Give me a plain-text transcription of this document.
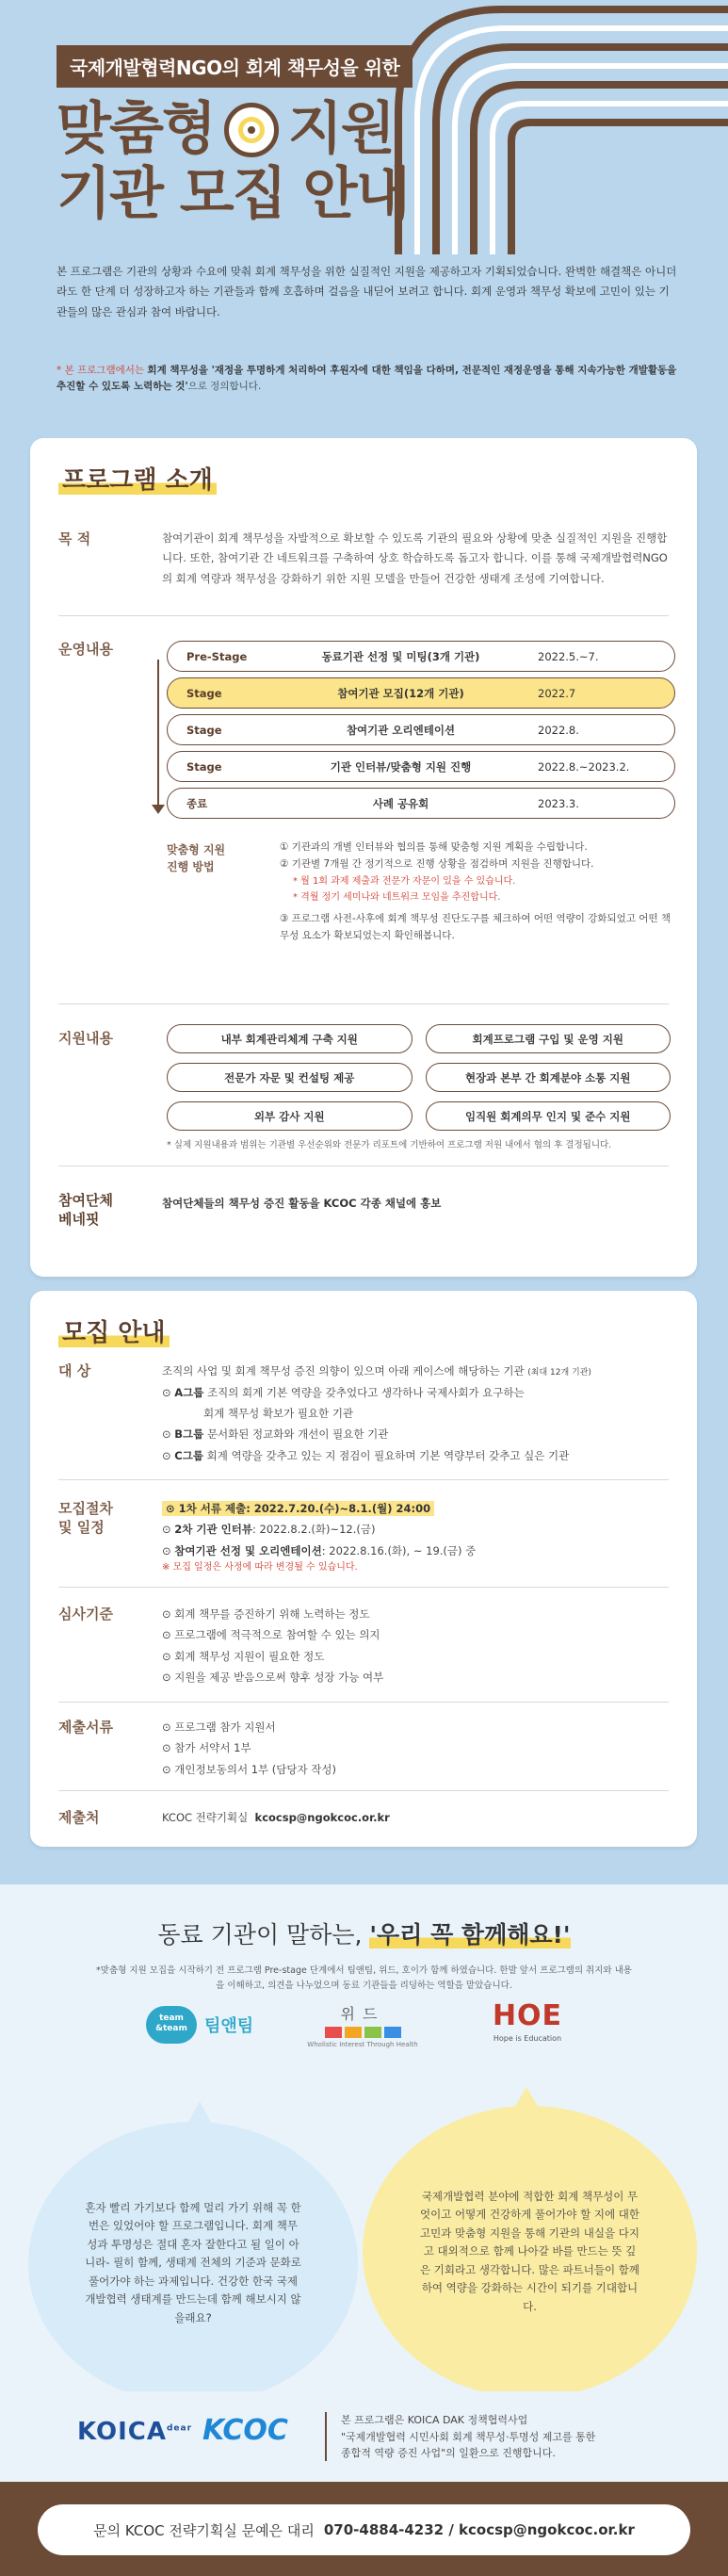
국제개발협력NGO의 회계 책무성을 위한
맞춤형 지원
기관 모집 안내

본 프로그램은 기관의 상황과 수요에 맞춰 회계 책무성을 위한 실질적인 지원을 제공하고자 기획되었습니다. 완벽한 해결책은 아니더라도 한 단계 더 성장하고자 하는 기관들과 함께 호흡하며 걸음을 내딛어 보려고 합니다. 회계 운영과 책무성 확보에 고민이 있는 기관들의 많은 관심과 참여 바랍니다.

* 본 프로그램에서는 회계 책무성을 '재정을 투명하게 처리하여 후원자에 대한 책임을 다하며, 전문적인 재정운영을 통해 지속가능한 개발활동을 추진할 수 있도록 노력하는 것'으로 정의합니다.

프로그램 소개
목 적	참여기관이 회계 책무성을 자발적으로 확보할 수 있도록 기관의 필요와 상황에 맞춘 실질적인 지원을 진행합니다. 또한, 참여기관 간 네트워크를 구축하여 상호 학습하도록 돕고자 합니다. 이를 통해 국제개발협력NGO의 회계 역량과 책무성을 강화하기 위한 지원 모델을 만들어 건강한 생태계 조성에 기여합니다.

운영내용	Pre-Stage	동료기관 선정 및 미팅(3개 기관)	2022.5.~7.
Stage	참여기관 모집(12개 기관)	2022.7
Stage	참여기관 오리엔테이션	2022.8.
Stage	기관 인터뷰/맞춤형 지원 진행	2022.8.~2023.2.
종료	사례 공유회	2023.3.
맞춤형 지원
진행 방법
① 기관과의 개별 인터뷰와 협의를 통해 맞춤형 지원 계획을 수립합니다.
② 기관별 7개월 간 정기적으로 진행 상황을 점검하며 지원을 진행합니다.
* 월 1회 과제 제출과 전문가 자문이 있을 수 있습니다.
* 격월 정기 세미나와 네트워크 모임을 추진합니다.
③ 프로그램 사전-사후에 회계 책무성 진단도구를 체크하여 어떤 역량이 강화되었고 어떤 책무성 요소가 확보되었는지 확인해봅니다.
지원내용	내부 회계관리체계 구축 지원	회계프로그램 구입 및 운영 지원
전문가 자문 및 컨설팅 제공	현장과 본부 간 회계분야 소통 지원
외부 감사 지원	임직원 회계의무 인지 및 준수 지원
* 실제 지원내용과 범위는 기관별 우선순위와 전문가 리포트에 기반하여 프로그램 저원 내에서 협의 후 결정됩니다.
참여단체
베네핏
참여단체들의 책무성 증진 활동을 KCOC 각종 채널에 홍보
모집 안내
대 상	조직의 사업 및 회계 책무성 증진 의향이 있으며 아래 케이스에 해당하는 기관 (최대 12개 기관)
⊙ A그룹 조직의 회계 기본 역량을 갖추었다고 생각하나 국제사회가 요구하는
회계 책무성 확보가 필요한 기관
⊙ B그룹 문서화된 정교화와 개선이 필요한 기관
⊙ C그룹 회계 역량을 갖추고 있는 지 점검이 필요하며 기본 역량부터 갖추고 싶은 기관
모집절차
및 일정
⊙ 1차 서류 제출: 2022.7.20.(수)~8.1.(월) 24:00
⊙ 2차 기관 인터뷰: 2022.8.2.(화)~12.(금)
⊙ 참여기관 선정 및 오리엔테이션: 2022.8.16.(화), ~ 19.(금) 중
※ 모집 일정은 사정에 따라 변경될 수 있습니다.
심사기준	⊙ 회계 책무를 증진하기 위해 노력하는 정도
⊙ 프로그램에 적극적으로 참여할 수 있는 의지
⊙ 회계 책무성 지원이 필요한 정도
⊙ 지원을 제공 받음으로써 향후 성장 가능 여부
제출서류	⊙ 프로그램 참가 지원서
⊙ 참가 서약서 1부
⊙ 개인정보동의서 1부 (담당자 작성)
제출처	KCOC 전략기획실 kcocsp@ngokcoc.or.kr
동료 기관이 말하는, '우리 꼭 함께해요!'

*맞춤형 지원 모집을 시작하기 전 프로그램 Pre-stage 단계에서 팀앤팀, 위드, 호이가 함께 하였습니다. 한발 앞서 프로그램의 취지와 내용을 이해하고, 의견을 나누었으며 동료 기관들을 리딩하는 역할을 맡았습니다.

team
&team	팀앤팀
위드
Wholistic Interest Through Health
HOE
Hope is Education
혼자 빨리 가기보다 함께 멀리 가기 위해 꼭 한번은 있었어야 할 프로그램입니다. 회계 책무성과 투명성은 절대 혼자 잘한다고 될 일이 아니라- 필히 함께, 생태계 전체의 기준과 문화로 풀어가야 하는 과제입니다. 건강한 한국 국제개발협력 생태계를 만드는데 함께 해보시지 않을래요?
국제개발협력 분야에 적합한 회계 책무성이 무엇이고 어떻게 건강하게 풀어가야 할 지에 대한 고민과 맞춤형 지원을 통해 기관의 내실을 다지고 대외적으로 함께 나아갈 바를 만드는 뜻 깊은 기회라고 생각합니다. 많은 파트너들이 함께 하여 역량을 강화하는 시간이 되기를 기대합니다.
$KOICA^{dear}$ KCOC	본 프로그램은 KOICA DAK 정책협력사업
"국제개발협력 시민사회 회계 책무성·투명성 제고를 통한
종합적 역량 증진 사업"의 일환으로 진행합니다.
문의 KCOC 전략기획실 문예은 대리 070-4884-4232 / kcocsp@ngokcoc.or.kr
